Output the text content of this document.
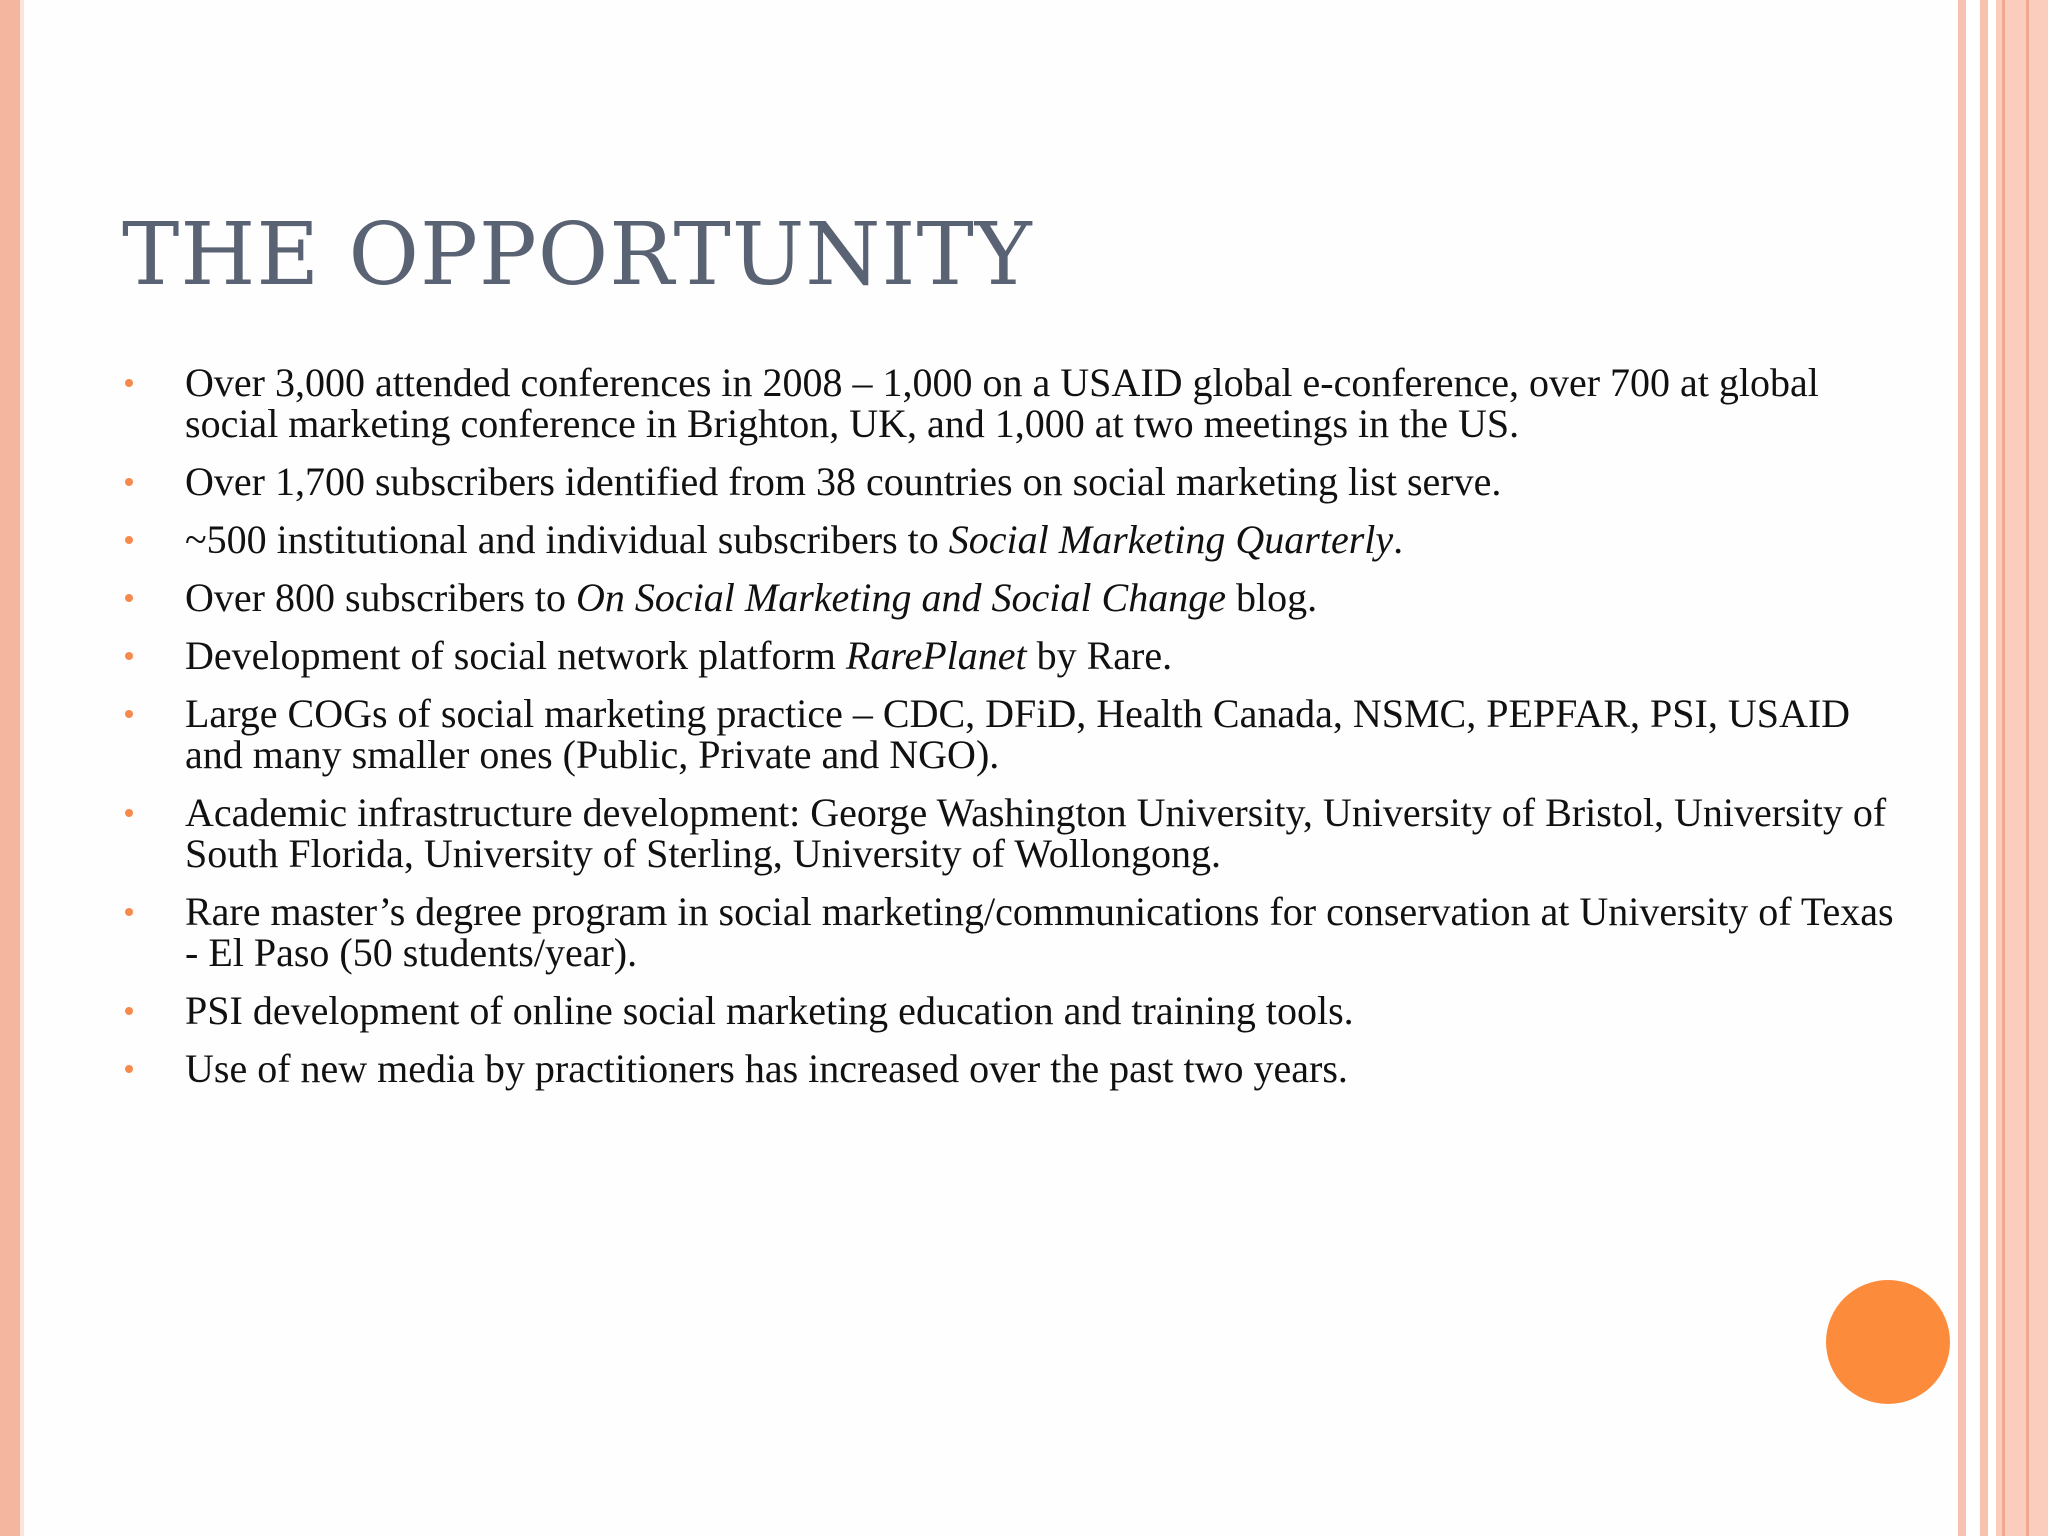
THE OPPORTUNITY
Over 3,000 attended conferences in 2008 – 1,000 on a USAID global e-conference, over 700 at global social marketing conference in Brighton, UK, and 1,000 at two meetings in the US.
Over 1,700 subscribers identified from 38 countries on social marketing list serve.
~500 institutional and individual subscribers to Social Marketing Quarterly.
Over 800 subscribers to On Social Marketing and Social Change blog.
Development of social network platform RarePlanet by Rare.
Large COGs of social marketing practice – CDC, DFiD, Health Canada, NSMC, PEPFAR, PSI, USAID and many smaller ones (Public, Private and NGO).
Academic infrastructure development: George Washington University, University of Bristol, University of South Florida, University of Sterling, University of Wollongong.
Rare master’s degree program in social marketing/communications for conservation at University of Texas - El Paso (50 students/year).
PSI development of online social marketing education and training tools.
Use of new media by practitioners has increased over the past two years.
